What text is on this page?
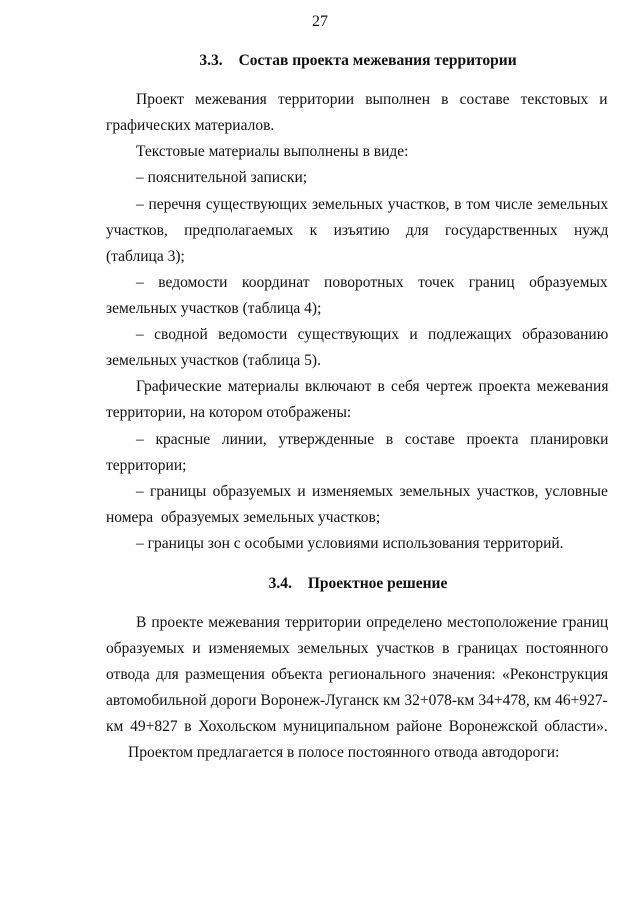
27
3.3. Состав проекта межевания территории
Проект межевания территории выполнен в составе текстовых и
графических материалов.
Текстовые материалы выполнены в виде:
– пояснительной записки;
– перечня существующих земельных участков, в том числе земельных
участков, предполагаемых к изъятию для государственных нужд
(таблица 3);
– ведомости координат поворотных точек границ образуемых
земельных участков (таблица 4);
– сводной ведомости существующих и подлежащих образованию
земельных участков (таблица 5).
Графические материалы включают в себя чертеж проекта межевания
территории, на котором отображены:
– красные линии, утвержденные в составе проекта планировки
территории;
– границы образуемых и изменяемых земельных участков, условные
номера  образуемых земельных участков;
– границы зон с особыми условиями использования территорий.
3.4. Проектное решение
В проекте межевания территории определено местоположение границ
образуемых и изменяемых земельных участков в границах постоянного
отвода для размещения объекта регионального значения: «Реконструкция
автомобильной дороги Воронеж-Луганск км 32+078-км 34+478, км 46+927-
км 49+827 в Хохольском муниципальном районе Воронежской области».
Проектом предлагается в полосе постоянного отвода автодороги:
